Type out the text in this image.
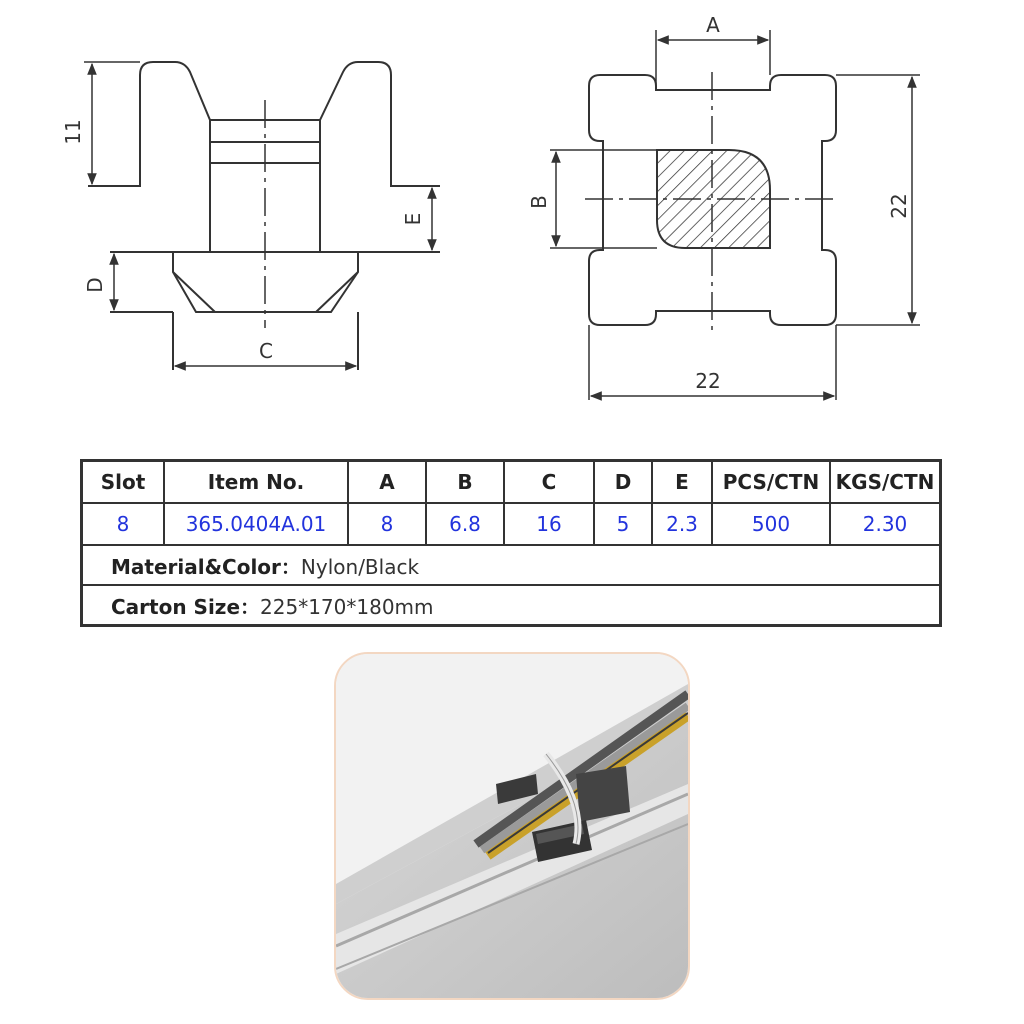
11
E
D
C
A
B	22
22
Slot	Item No.	A	B	C	D	E	PCS/CTN	KGS/CTN
8	365.0404A.01	8	6.8	16	5	2.3	500	2.30
Material&Color：Nylon/Black								
Carton Size：225*170*180mm								
